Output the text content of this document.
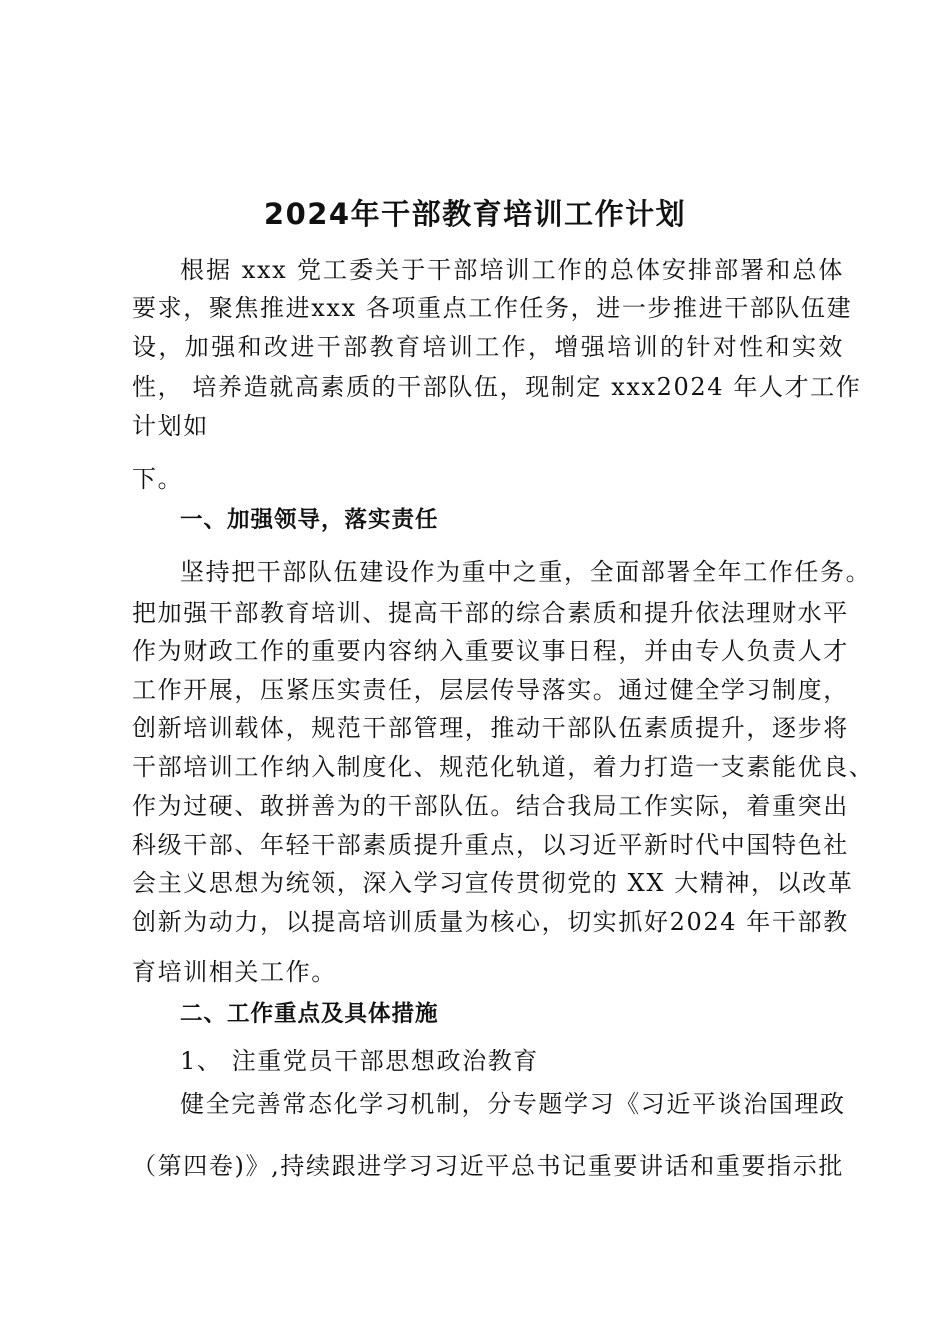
2024年干部教育培训工作计划
根据 xxx 党工委关于干部培训工作的总体安排部署和总体
要求，聚焦推进xxx 各项重点工作任务，进一步推进干部队伍建
设，加强和改进干部教育培训工作，增强培训的针对性和实效
性， 培养造就高素质的干部队伍，现制定 xxx2024 年人才工作
计划如
下。
一、加强领导，落实责任
坚持把干部队伍建设作为重中之重，全面部署全年工作任务。
把加强干部教育培训、提高干部的综合素质和提升依法理财水平
作为财政工作的重要内容纳入重要议事日程，并由专人负责人才
工作开展，压紧压实责任，层层传导落实。通过健全学习制度，
创新培训载体，规范干部管理，推动干部队伍素质提升，逐步将
干部培训工作纳入制度化、规范化轨道，着力打造一支素能优良、
作为过硬、敢拼善为的干部队伍。结合我局工作实际，着重突出
科级干部、年轻干部素质提升重点，以习近平新时代中国特色社
会主义思想为统领，深入学习宣传贯彻党的 XX 大精神，以改革
创新为动力，以提高培训质量为核心，切实抓好2024 年干部教
育培训相关工作。
二、工作重点及具体措施
1、 注重党员干部思想政治教育
健全完善常态化学习机制，分专题学习《习近平谈治国理政
（第四卷)》,持续跟进学习习近平总书记重要讲话和重要指示批
